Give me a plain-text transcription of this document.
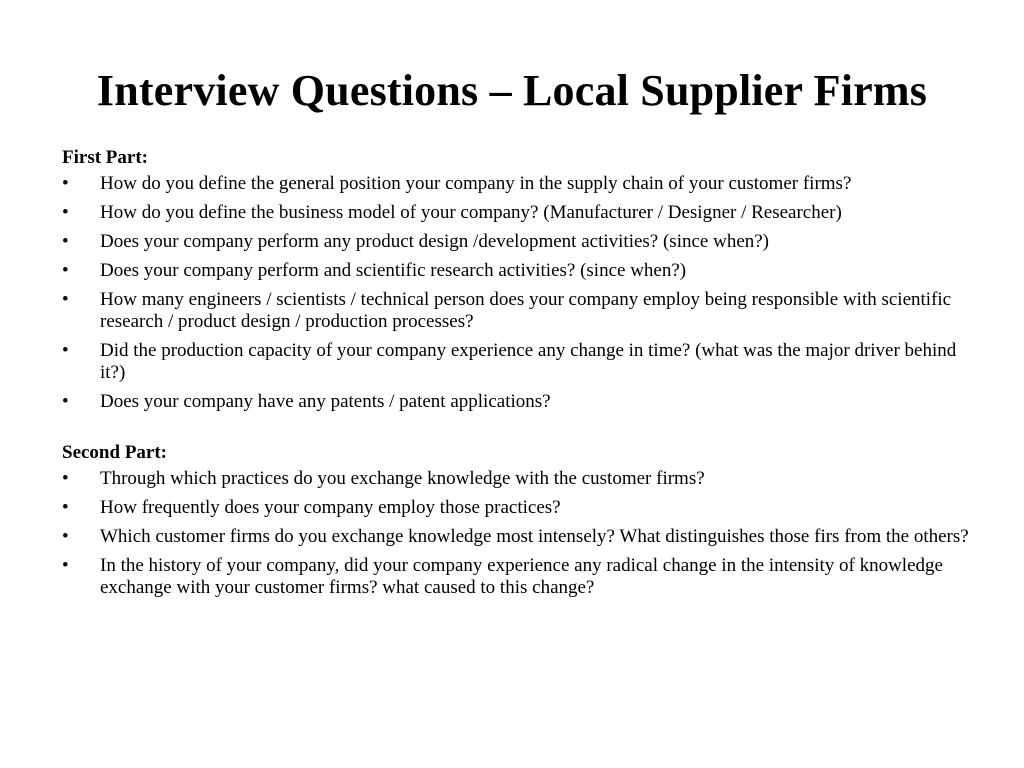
Interview Questions – Local Supplier Firms

First Part:

• How do you define the general position your company in the supply chain of your customer firms?
• How do you define the business model of your company? (Manufacturer / Designer / Researcher)
• Does your company perform any product design /development activities? (since when?)
• Does your company perform and scientific research activities? (since when?)
• How many engineers / scientists / technical person does your company employ being responsible with scientific research / product design / production processes?
• Did the production capacity of your company experience any change in time? (what was the major driver behind it?)
• Does your company have any patents / patent applications?

Second Part:

• Through which practices do you exchange knowledge with the customer firms?
• How frequently does your company employ those practices?
• Which customer firms do you exchange knowledge most intensely? What distinguishes those firs from the others?
• In the history of your company, did your company experience any radical change in the intensity of knowledge exchange with your customer firms? what caused to this change?
